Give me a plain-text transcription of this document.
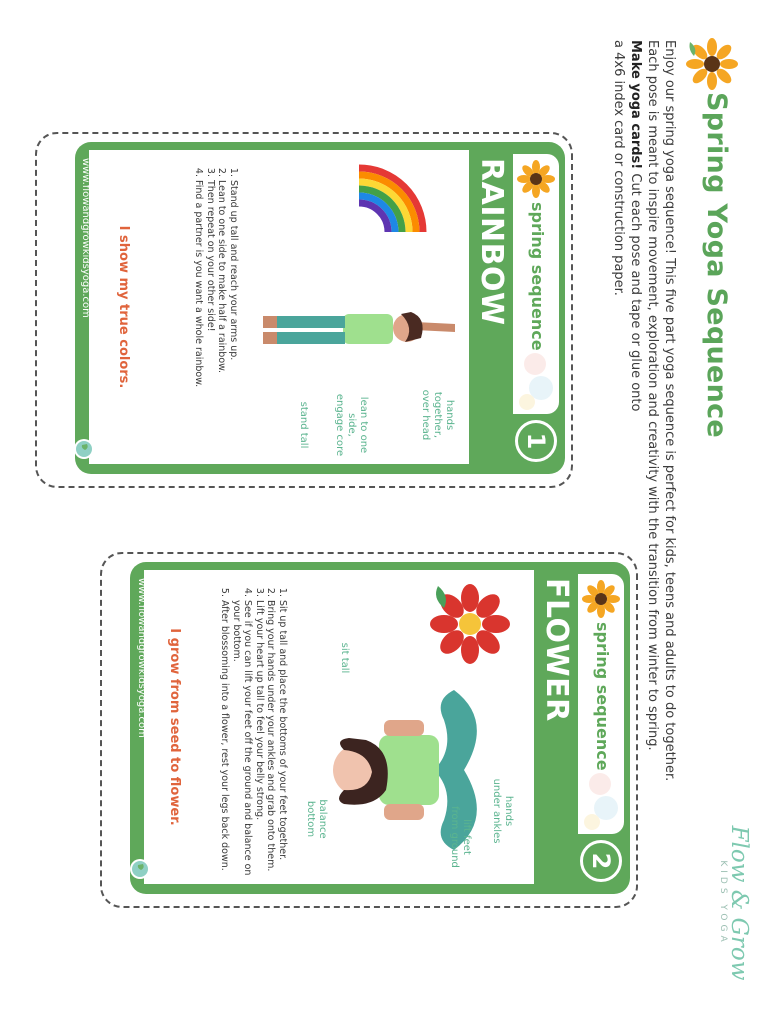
Spring Yoga Sequence

Enjoy our spring yoga sequence! This five part yoga sequence is perfect for kids, teens and adults to do together.

Each pose is meant to inspire movement, exploration and creativity with the transition from winter to spring.

Make yoga cards! Cut each pose and tape or glue onto

a 4x6 index card or construction paper.

Flow & Grow
KIDS YOGA
spring sequence
1
RAINBOW
hands together,
over head
lean to one side,
engage core
stand tall
1. Stand up tall and reach your arms up.
2. Lean to one side to make half a rainbow.
3. Then repeat on your other side!
4. Find a partner is you want a whole rainbow.
I show my true colors.
www.flowandgrowkidsyoga.com
spring sequence
2
FLOWER
hands
under ankles
lift feet
from ground
sit tall
balance
bottom
1. Sit up tall and place the bottoms of your feet together.
2. Bring your hands under your ankles and grab onto them.
3. Lift your heart up tall to feel your belly strong.
4. See if you can lift your feet off the ground and balance on your bottom.
5. After blossoming into a flower, rest your legs back down.
I grow from seed to flower.
www.flowandgrowkidsyoga.com
